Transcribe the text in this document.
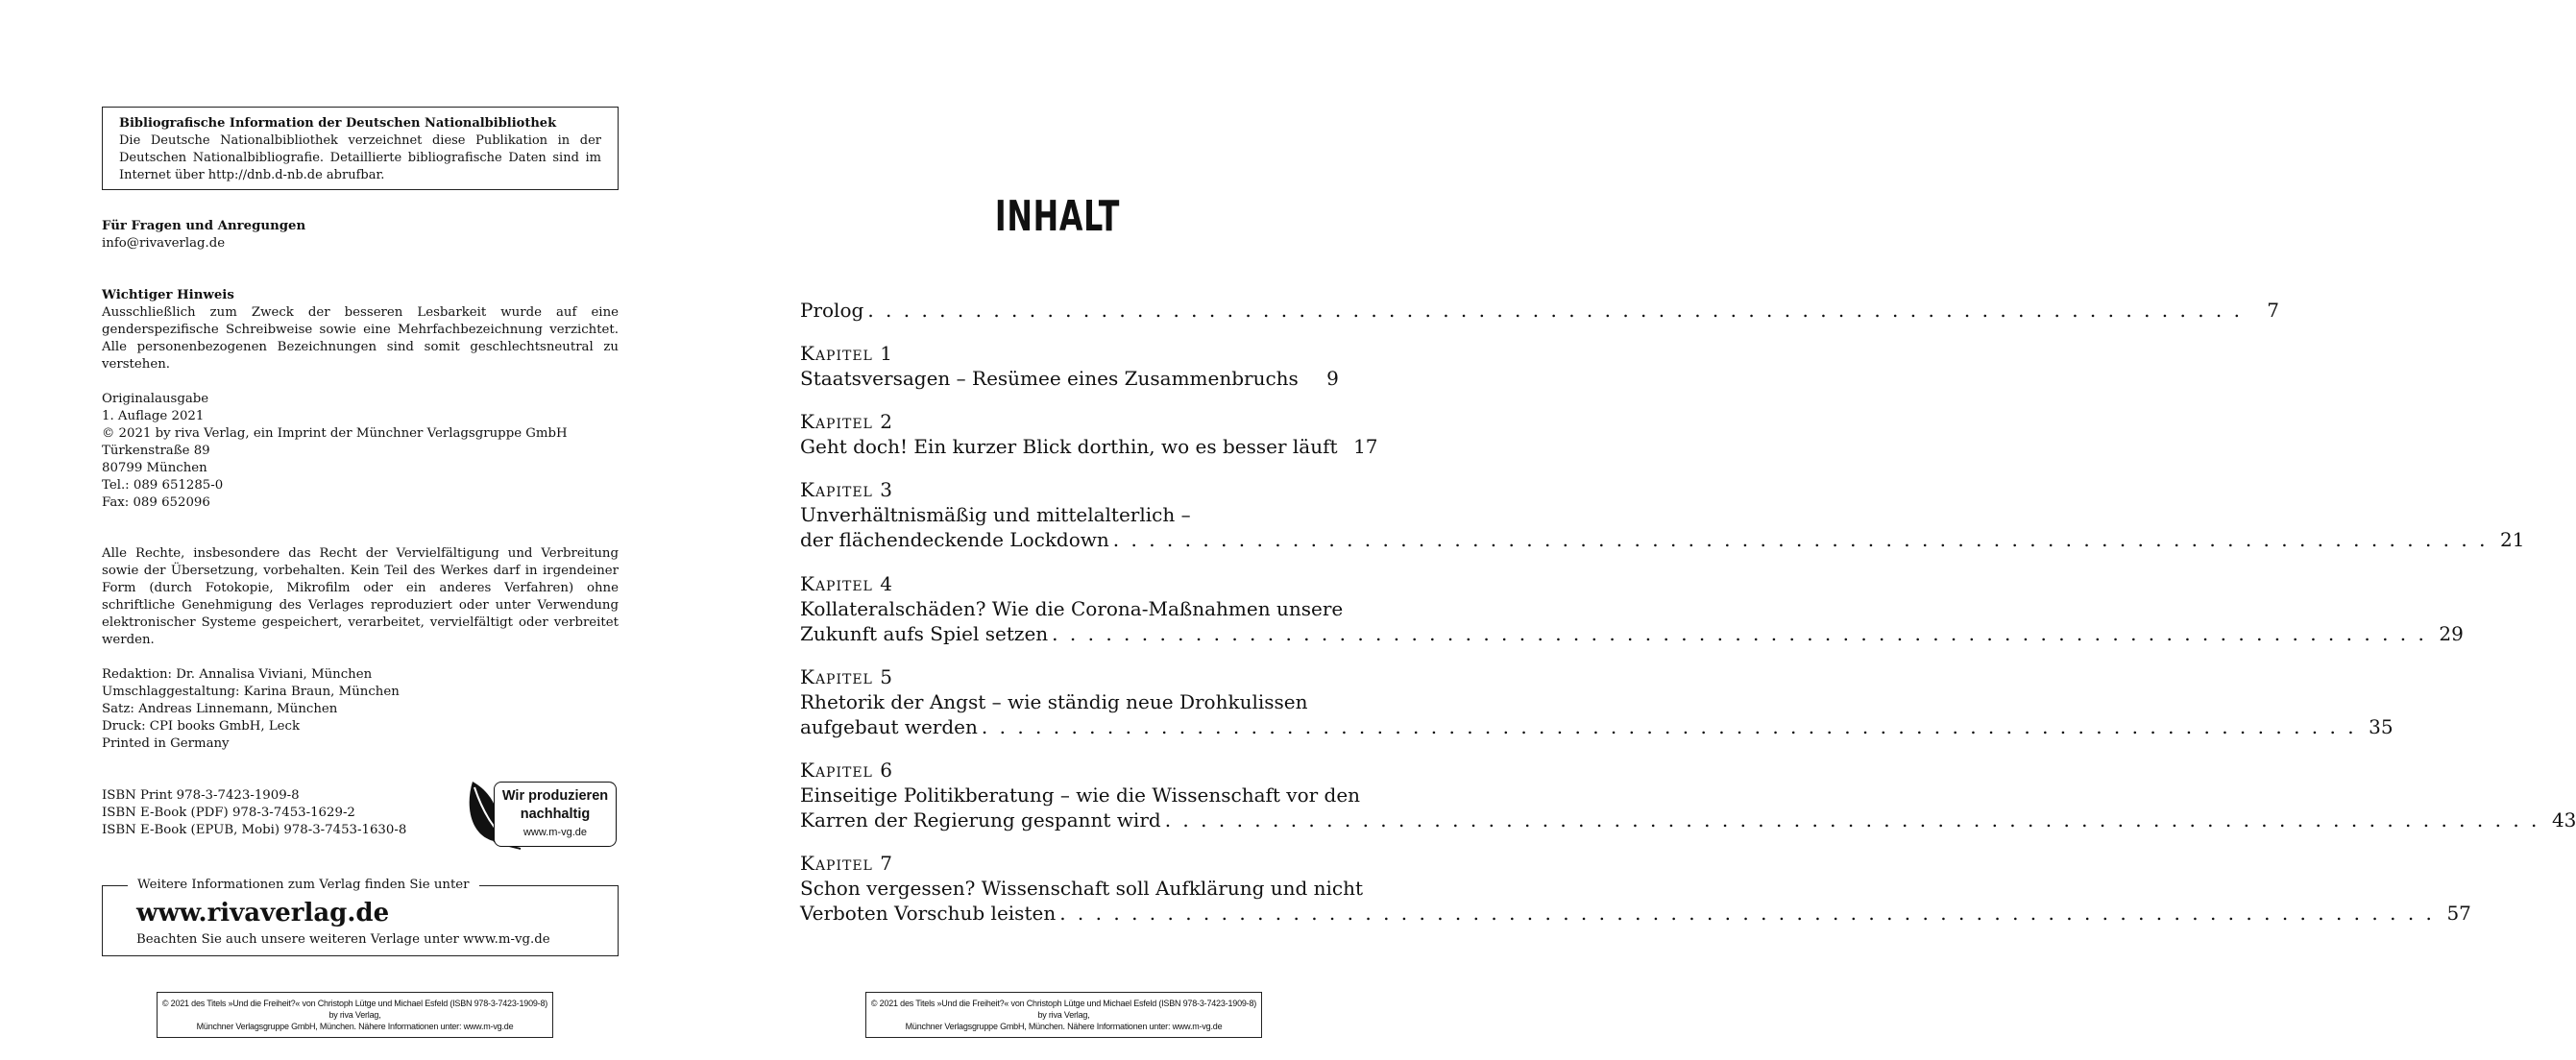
Bibliografische Information der Deutschen Nationalbibliothek
Die Deutsche Nationalbibliothek verzeichnet diese Publikation in der Deutschen Nationalbibliografie. Detaillierte bibliografische Daten sind im Internet über http://dnb.d-nb.de abrufbar.
Für Fragen und Anregungen
info@rivaverlag.de
Wichtiger Hinweis
Ausschließlich zum Zweck der besseren Lesbarkeit wurde auf eine genderspezifische Schreibweise sowie eine Mehrfachbezeichnung verzichtet. Alle personenbezogenen Bezeichnungen sind somit geschlechtsneutral zu verstehen.
Originalausgabe
1. Auflage 2021
© 2021 by riva Verlag, ein Imprint der Münchner Verlagsgruppe GmbH
Türkenstraße 89
80799 München
Tel.: 089 651285-0
Fax: 089 652096
Alle Rechte, insbesondere das Recht der Vervielfältigung und Verbreitung sowie der Übersetzung, vorbehalten. Kein Teil des Werkes darf in irgendeiner Form (durch Fotokopie, Mikrofilm oder ein anderes Verfahren) ohne schriftliche Genehmigung des Verlages reproduziert oder unter Verwendung elektronischer Systeme gespeichert, verarbeitet, vervielfältigt oder verbreitet werden.
Redaktion: Dr. Annalisa Viviani, München
Umschlaggestaltung: Karina Braun, München
Satz: Andreas Linnemann, München
Druck: CPI books GmbH, Leck
Printed in Germany
ISBN Print 978-3-7423-1909-8
ISBN E-Book (PDF) 978-3-7453-1629-2
ISBN E-Book (EPUB, Mobi) 978-3-7453-1630-8
Wir produzieren
nachhaltig
www.m-vg.de
Weitere Informationen zum Verlag finden Sie unter
www.rivaverlag.de
Beachten Sie auch unsere weiteren Verlage unter www.m-vg.de
© 2021 des Titels »Und die Freiheit?« von Christoph Lütge und Michael Esfeld (ISBN 978-3-7423-1909-8) by riva Verlag,
Münchner Verlagsgruppe GmbH, München. Nähere Informationen unter: www.m-vg.de
INHALT
Prolog . . . . . . . . . . . . . . . . . . . . . . . . . . . . . . . . . . . . . . . . . . . . . . . . . . . . . . . . . . . . . . . . . . . . . . . . . . . . .	7
Kapitel 1
Staatsversagen – Resümee eines Zusammenbruchs	9
Kapitel 2
Geht doch! Ein kurzer Blick dorthin, wo es besser läuft 17
Kapitel 3
Unverhältnismäßig und mittelalterlich –
der flächendeckende Lockdown . . . . . . . . . . . . . . . . . . . . . . . . . . . . . . . . . . . . . . . . . . . . . . . . . . . . . . . . . . . . . . . . . . . . . . . . . . . . . 21
Kapitel 4
Kollateralschäden? Wie die Corona-Maßnahmen unsere
Zukunft aufs Spiel setzen . . . . . . . . . . . . . . . . . . . . . . . . . . . . . . . . . . . . . . . . . . . . . . . . . . . . . . . . . . . . . . . . . . . . . . . . . . . . . 29
Kapitel 5
Rhetorik der Angst – wie ständig neue Drohkulissen
aufgebaut werden . . . . . . . . . . . . . . . . . . . . . . . . . . . . . . . . . . . . . . . . . . . . . . . . . . . . . . . . . . . . . . . . . . . . . . . . . . . . . 35
Kapitel 6
Einseitige Politikberatung – wie die Wissenschaft vor den
Karren der Regierung gespannt wird . . . . . . . . . . . . . . . . . . . . . . . . . . . . . . . . . . . . . . . . . . . . . . . . . . . . . . . . . . . . . . . . . . . . . . . . . . . . . 43
Kapitel 7
Schon vergessen? Wissenschaft soll Aufklärung und nicht
Verboten Vorschub leisten . . . . . . . . . . . . . . . . . . . . . . . . . . . . . . . . . . . . . . . . . . . . . . . . . . . . . . . . . . . . . . . . . . . . . . . . . . . . . 57
© 2021 des Titels »Und die Freiheit?« von Christoph Lütge und Michael Esfeld (ISBN 978-3-7423-1909-8) by riva Verlag,
Münchner Verlagsgruppe GmbH, München. Nähere Informationen unter: www.m-vg.de
